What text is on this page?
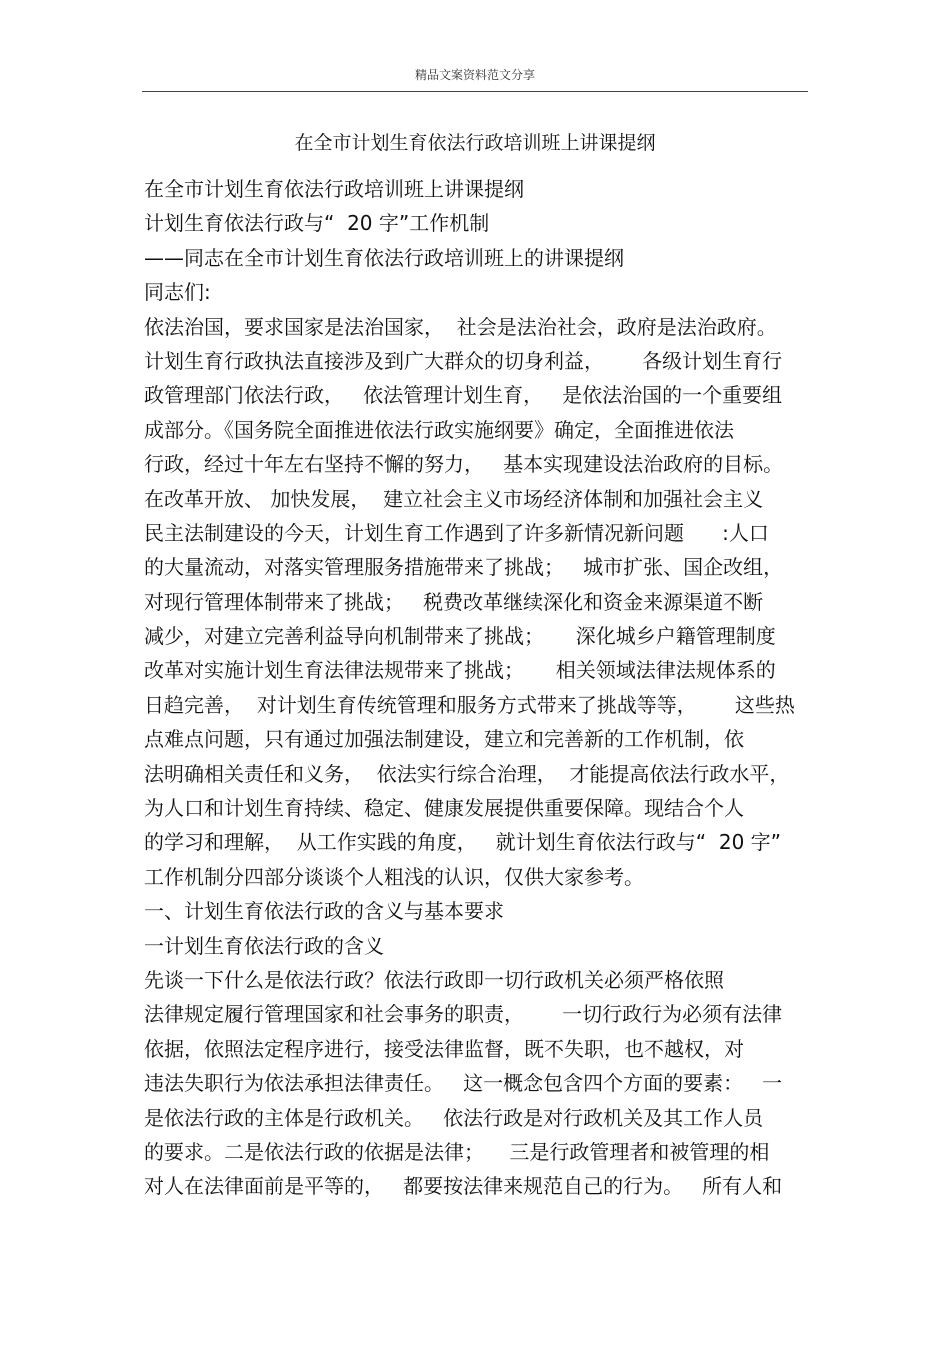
精品文案资料范文分享
在全市计划生育依法行政培训班上讲课提纲
在全市计划生育依法行政培训班上讲课提纲
计划生育依法行政与“  20 字”工作机制
——同志在全市计划生育依法行政培训班上的讲课提纲
同志们:
依法治国，要求国家是法治国家，  社会是法治社会，政府是法治政府。
计划生育行政执法直接涉及到广大群众的切身利益，      各级计划生育行
政管理部门依法行政，   依法管理计划生育，   是依法治国的一个重要组
成部分。《国务院全面推进依法行政实施纲要》确定，全面推进依法
行政，经过十年左右坚持不懈的努力，   基本实现建设法治政府的目标。
在改革开放、 加快发展，  建立社会主义市场经济体制和加强社会主义
民主法制建设的今天，计划生育工作遇到了许多新情况新问题      :人口
的大量流动，对落实管理服务措施带来了挑战；   城市扩张、国企改组，
对现行管理体制带来了挑战；   税费改革继续深化和资金来源渠道不断
减少，对建立完善利益导向机制带来了挑战；     深化城乡户籍管理制度
改革对实施计划生育法律法规带来了挑战；     相关领域法律法规体系的
日趋完善，  对计划生育传统管理和服务方式带来了挑战等等，      这些热
点难点问题，只有通过加强法制建设，建立和完善新的工作机制，依
法明确相关责任和义务，  依法实行综合治理，  才能提高依法行政水平，
为人口和计划生育持续、稳定、健康发展提供重要保障。现结合个人
的学习和理解，  从工作实践的角度，   就计划生育依法行政与“  20 字”
工作机制分四部分谈谈个人粗浅的认识，仅供大家参考。
一、计划生育依法行政的含义与基本要求
一计划生育依法行政的含义
先谈一下什么是依法行政？依法行政即一切行政机关必须严格依照
法律规定履行管理国家和社会事务的职责，      一切行政行为必须有法律
依据，依照法定程序进行，接受法律监督，既不失职，也不越权，对
违法失职行为依法承担法律责任。   这一概念包含四个方面的要素：   一
是依法行政的主体是行政机关。   依法行政是对行政机关及其工作人员
的要求。二是依法行政的依据是法律；    三是行政管理者和被管理的相
对人在法律面前是平等的，   都要按法律来规范自己的行为。   所有人和
